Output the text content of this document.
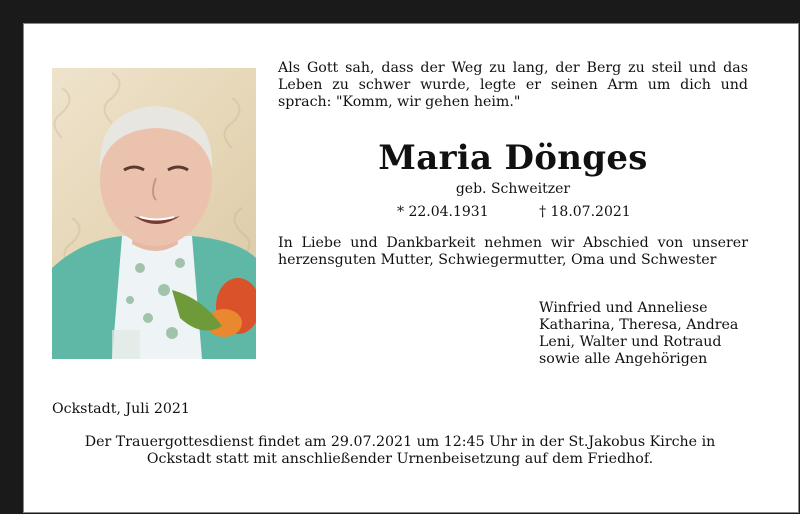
Als Gott sah, dass der Weg zu lang, der Berg zu steil und das Leben zu schwer wurde, legte er seinen Arm um dich und sprach: "Komm, wir gehen heim."
Maria Dönges
geb. Schweitzer
* 22.04.1931	† 18.07.2021
In Liebe und Dankbarkeit nehmen wir Abschied von unserer herzensguten Mutter, Schwiegermutter, Oma und Schwester
Winfried und Anneliese
Katharina, Theresa, Andrea
Leni, Walter und Rotraud
sowie alle Angehörigen
Ockstadt, Juli 2021
Der Trauergottesdienst findet am 29.07.2021 um 12:45 Uhr in der St.Jakobus Kirche in
Ockstadt statt mit anschließender Urnenbeisetzung auf dem Friedhof.
